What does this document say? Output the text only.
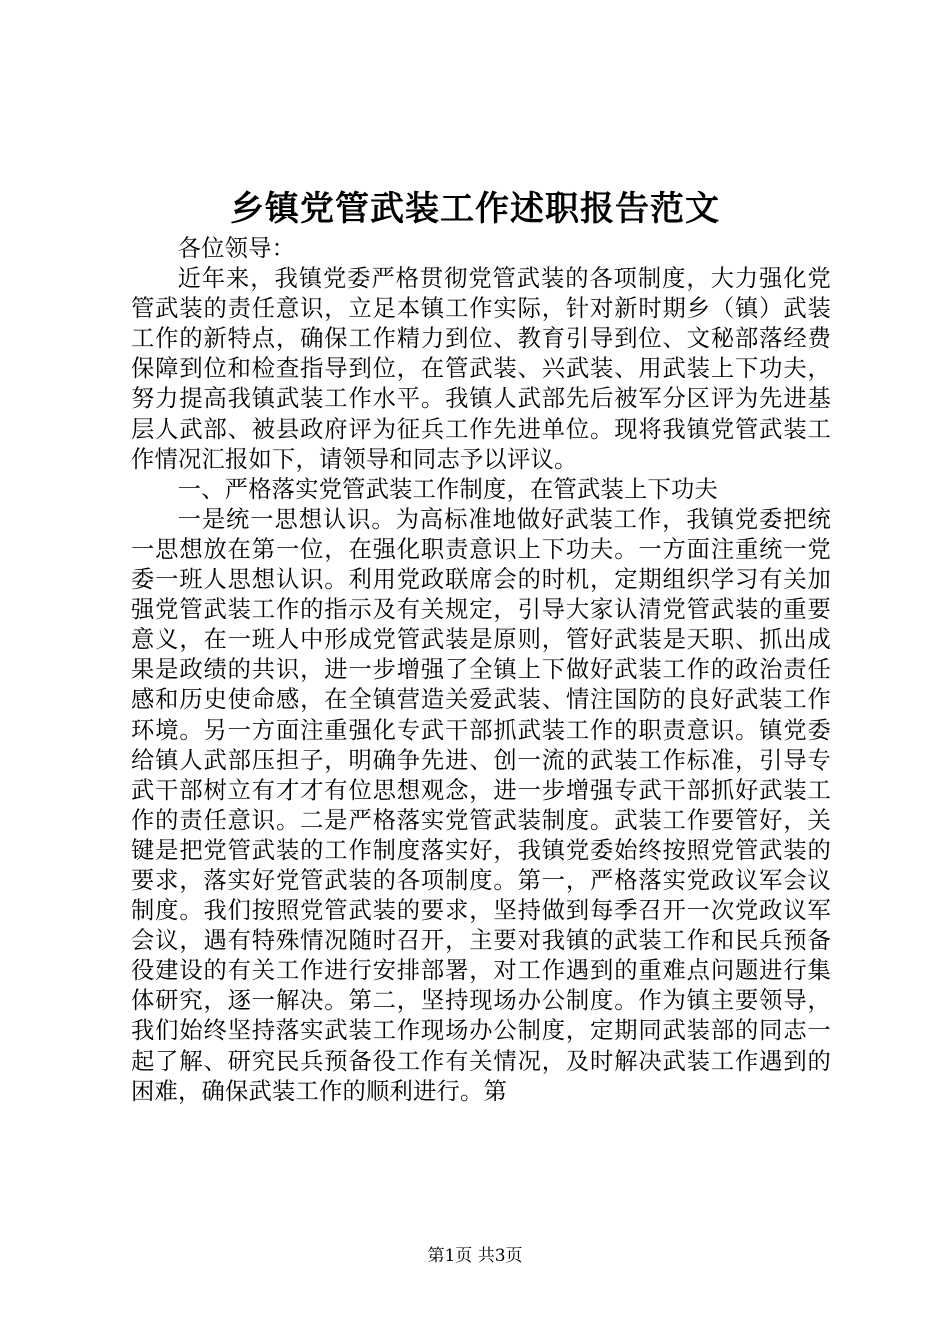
乡镇党管武装工作述职报告范文

各位领导：

近年来，我镇党委严格贯彻党管武装的各项制度，大力强化党管武装的责任意识，立足本镇工作实际，针对新时期乡（镇）武装工作的新特点，确保工作精力到位、教育引导到位、文秘部落经费保障到位和检查指导到位，在管武装、兴武装、用武装上下功夫，努力提高我镇武装工作水平。我镇人武部先后被军分区评为先进基层人武部、被县政府评为征兵工作先进单位。现将我镇党管武装工作情况汇报如下，请领导和同志予以评议。

一、严格落实党管武装工作制度，在管武装上下功夫

一是统一思想认识。为高标准地做好武装工作，我镇党委把统一思想放在第一位，在强化职责意识上下功夫。一方面注重统一党委一班人思想认识。利用党政联席会的时机，定期组织学习有关加强党管武装工作的指示及有关规定，引导大家认清党管武装的重要意义，在一班人中形成党管武装是原则，管好武装是天职、抓出成果是政绩的共识，进一步增强了全镇上下做好武装工作的政治责任感和历史使命感，在全镇营造关爱武装、情注国防的良好武装工作环境。另一方面注重强化专武干部抓武装工作的职责意识。镇党委给镇人武部压担子，明确争先进、创一流的武装工作标准，引导专武干部树立有才才有位思想观念，进一步增强专武干部抓好武装工作的责任意识。二是严格落实党管武装制度。武装工作要管好，关键是把党管武装的工作制度落实好，我镇党委始终按照党管武装的要求，落实好党管武装的各项制度。第一，严格落实党政议军会议制度。我们按照党管武装的要求，坚持做到每季召开一次党政议军会议，遇有特殊情况随时召开，主要对我镇的武装工作和民兵预备役建设的有关工作进行安排部署，对工作遇到的重难点问题进行集体研究，逐一解决。第二，坚持现场办公制度。作为镇主要领导，我们始终坚持落实武装工作现场办公制度，定期同武装部的同志一起了解、研究民兵预备役工作有关情况，及时解决武装工作遇到的困难，确保武装工作的顺利进行。第

第1页 共3页
